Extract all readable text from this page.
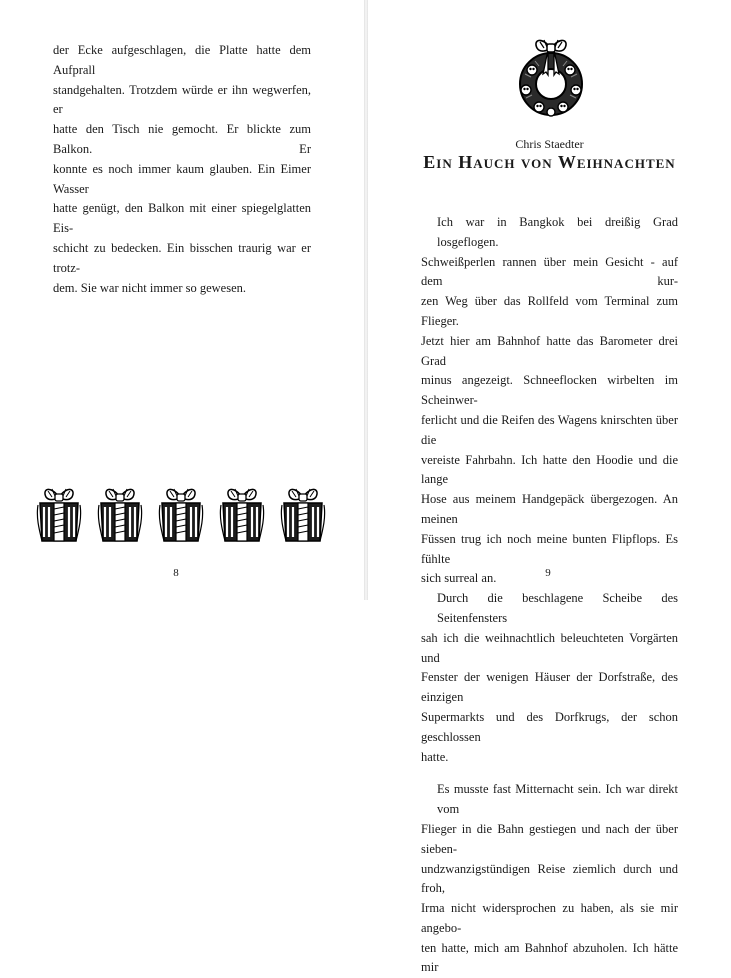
der Ecke aufgeschlagen, die Platte hatte dem Aufprall
standgehalten. Trotzdem würde er ihn wegwerfen, er
hatte den Tisch nie gemocht. Er blickte zum Balkon. Er
konnte es noch immer kaum glauben. Ein Eimer Wasser
hatte genügt, den Balkon mit einer spiegelglatten Eis-
schicht zu bedecken. Ein bisschen traurig war er trotz-
dem. Sie war nicht immer so gewesen.

8
Chris Staedter
Ein Hauch von Weihnachten

Ich war in Bangkok bei dreißig Grad losgeflogen.
Schweißperlen rannen über mein Gesicht - auf dem kur-
zen Weg über das Rollfeld vom Terminal zum Flieger.
Jetzt hier am Bahnhof hatte das Barometer drei Grad
minus angezeigt. Schneeflocken wirbelten im Scheinwer-
ferlicht und die Reifen des Wagens knirschten über die
vereiste Fahrbahn. Ich hatte den Hoodie und die lange
Hose aus meinem Handgepäck übergezogen. An meinen
Füssen trug ich noch meine bunten Flipflops. Es fühlte
sich surreal an.

Durch die beschlagene Scheibe des Seitenfensters
sah ich die weihnachtlich beleuchteten Vorgärten und
Fenster der wenigen Häuser der Dorfstraße, des einzigen
Supermarkts und des Dorfkrugs, der schon geschlossen
hatte.

Es musste fast Mitternacht sein. Ich war direkt vom
Flieger in die Bahn gestiegen und nach der über sieben-
undzwanzigstündigen Reise ziemlich durch und froh,
Irma nicht widersprochen zu haben, als sie mir angebo-
ten hatte, mich am Bahnhof abzuholen. Ich hätte mir

9
